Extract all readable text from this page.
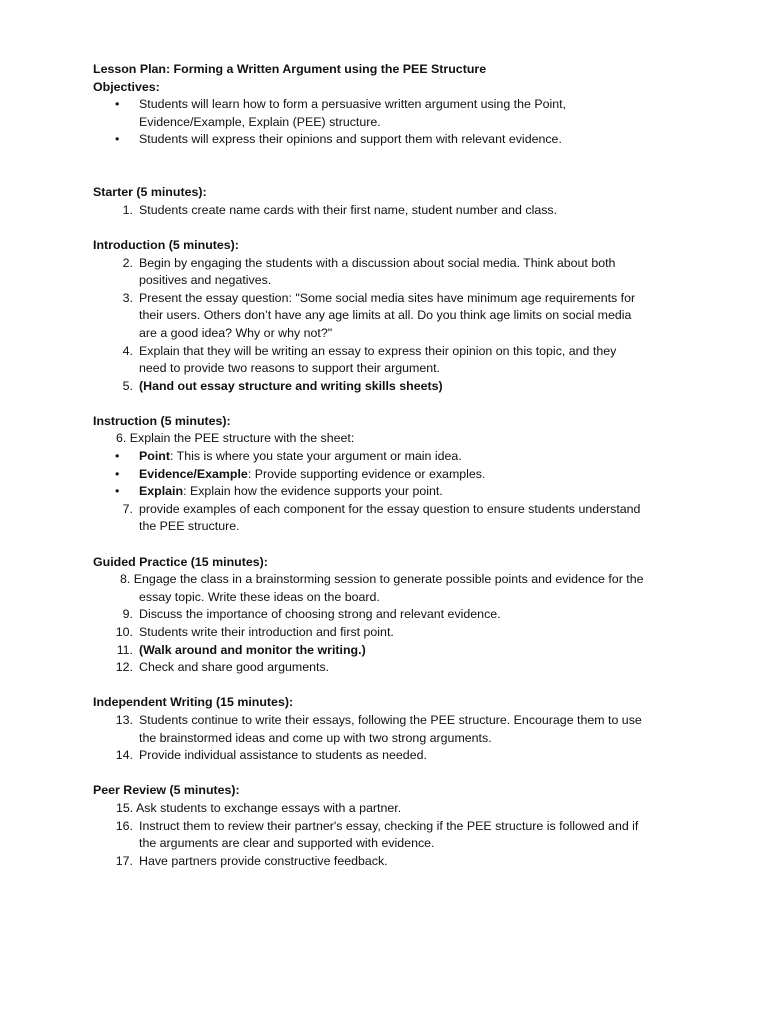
Lesson Plan: Forming a Written Argument using the PEE Structure
Objectives:
• Students will learn how to form a persuasive written argument using the Point,
Evidence/Example, Explain (PEE) structure.
• Students will express their opinions and support them with relevant evidence.
Starter (5 minutes):
1. Students create name cards with their first name, student number and class.
Introduction (5 minutes):
2. Begin by engaging the students with a discussion about social media. Think about both
positives and negatives.
3. Present the essay question: "Some social media sites have minimum age requirements for
their users. Others don’t have any age limits at all. Do you think age limits on social media
are a good idea? Why or why not?"
4. Explain that they will be writing an essay to express their opinion on this topic, and they
need to provide two reasons to support their argument.
5. (Hand out essay structure and writing skills sheets)
Instruction (5 minutes):
6. Explain the PEE structure with the sheet:
• Point: This is where you state your argument or main idea.
• Evidence/Example: Provide supporting evidence or examples.
• Explain: Explain how the evidence supports your point.
7. provide examples of each component for the essay question to ensure students understand
the PEE structure.
Guided Practice (15 minutes):
8. Engage the class in a brainstorming session to generate possible points and evidence for the
essay topic. Write these ideas on the board.
9. Discuss the importance of choosing strong and relevant evidence.
10. Students write their introduction and first point.
11. (Walk around and monitor the writing.)
12. Check and share good arguments.
Independent Writing (15 minutes):
13. Students continue to write their essays, following the PEE structure. Encourage them to use
the brainstormed ideas and come up with two strong arguments.
14. Provide individual assistance to students as needed.
Peer Review (5 minutes):
15. Ask students to exchange essays with a partner.
16. Instruct them to review their partner's essay, checking if the PEE structure is followed and if
the arguments are clear and supported with evidence.
17. Have partners provide constructive feedback.
